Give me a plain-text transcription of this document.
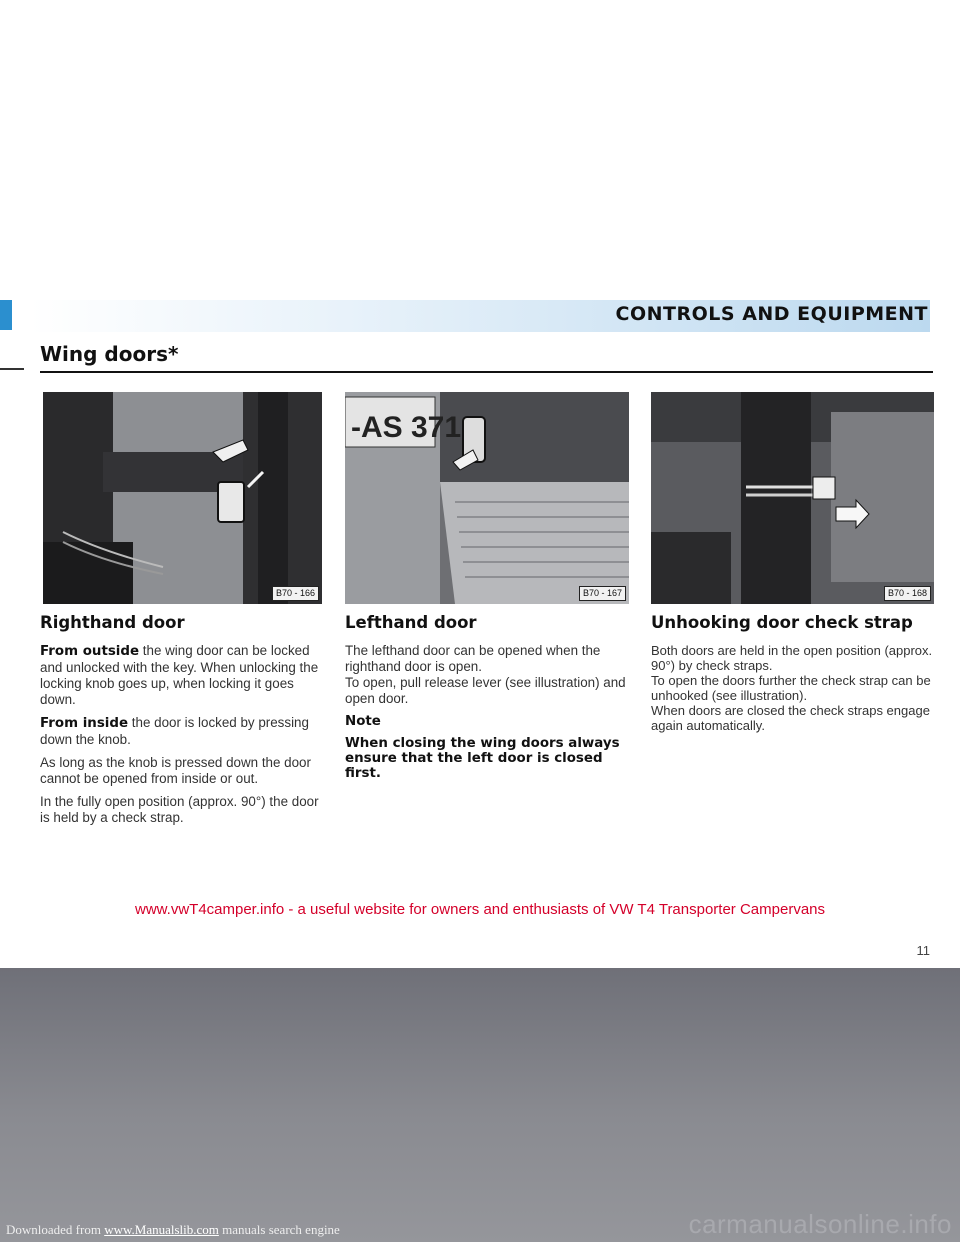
CONTROLS AND EQUIPMENT
Wing doors*
B70 - 166
-AS 371
B70 - 167	B70 - 168
Righthand door

From outside the wing door can be locked and unlocked with the key. When unlocking the locking knob goes up, when locking it goes down.

From inside the door is locked by pressing down the knob.

As long as the knob is pressed down the door cannot be opened from inside or out.

In the fully open position (approx. 90°) the door is held by a check strap.

Lefthand door

The lefthand door can be opened when the righthand door is open.

To open, pull release lever (see illustration) and open door.

Note

When closing the wing doors always ensure that the left door is closed first.

Unhooking door check strap

Both doors are held in the open position (approx. 90°) by check straps.

To open the doors further the check strap can be unhooked (see illustration).

When doors are closed the check straps engage again automatically.

www.vwT4camper.info - a useful website for owners and enthusiasts of VW T4 Transporter Campervans
11
Downloaded from www.Manualslib.com manuals search engine	carmanualsonline.info
